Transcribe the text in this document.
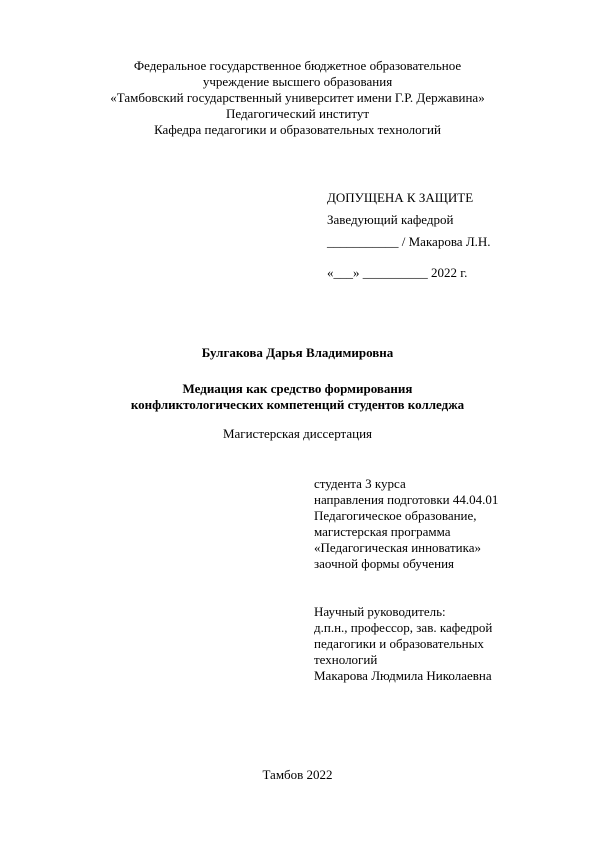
Федеральное государственное бюджетное образовательное
учреждение высшего образования
«Тамбовский государственный университет имени Г.Р. Державина»
Педагогический институт
Кафедра педагогики и образовательных технологий
ДОПУЩЕНА К ЗАЩИТЕ
Заведующий кафедрой
___________ / Макарова Л.Н.
«___» __________ 2022 г.
Булгакова Дарья Владимировна
Медиация как средство формирования
конфликтологических компетенций студентов колледжа
Магистерская диссертация
студента 3 курса
направления подготовки 44.04.01
Педагогическое образование,
магистерская программа
«Педагогическая инноватика»
заочной формы обучения
Научный руководитель:
д.п.н., профессор, зав. кафедрой
педагогики и образовательных
технологий
Макарова Людмила Николаевна
Тамбов 2022
